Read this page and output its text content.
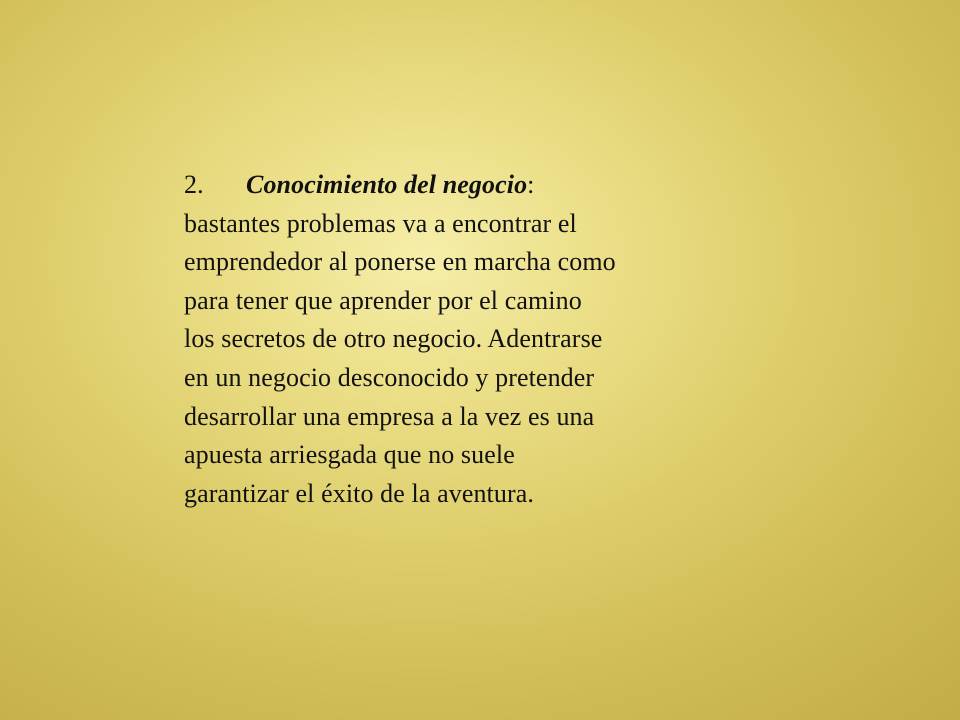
2. Conocimiento del negocio:
bastantes problemas va a encontrar el
emprendedor al ponerse en marcha como
para tener que aprender por el camino
los secretos de otro negocio. Adentrarse
en un negocio desconocido y pretender
desarrollar una empresa a la vez es una
apuesta arriesgada que no suele
garantizar el éxito de la aventura.
